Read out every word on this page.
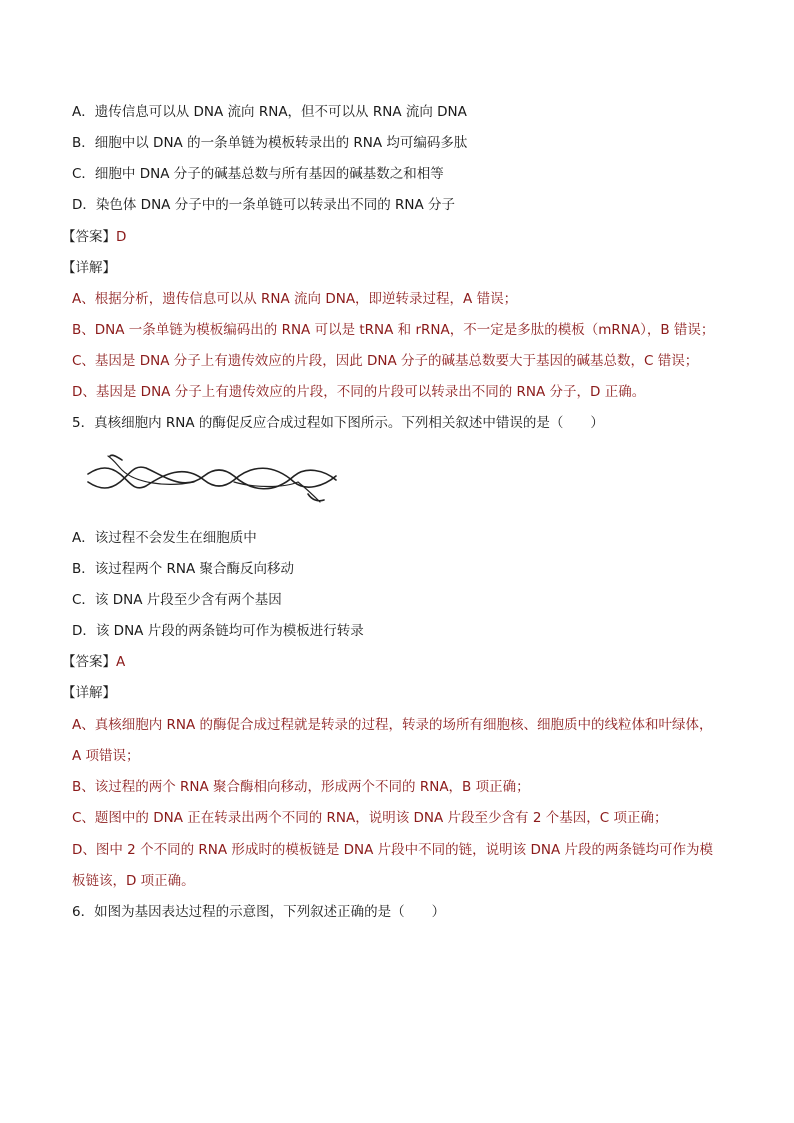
A．遗传信息可以从 DNA 流向 RNA，但不可以从 RNA 流向 DNA
B．细胞中以 DNA 的一条单链为模板转录出的 RNA 均可编码多肽
C．细胞中 DNA 分子的碱基总数与所有基因的碱基数之和相等
D．染色体 DNA 分子中的一条单链可以转录出不同的 RNA 分子
【答案】D
【详解】
A、根据分析，遗传信息可以从 RNA 流向 DNA，即逆转录过程，A 错误；
B、DNA 一条单链为模板编码出的 RNA 可以是 tRNA 和 rRNA，不一定是多肽的模板（mRNA），B 错误；
C、基因是 DNA 分子上有遗传效应的片段，因此 DNA 分子的碱基总数要大于基因的碱基总数，C 错误；
D、基因是 DNA 分子上有遗传效应的片段，不同的片段可以转录出不同的 RNA 分子，D 正确。
5．真核细胞内 RNA 的酶促反应合成过程如下图所示。下列相关叙述中错误的是（　　）
A．该过程不会发生在细胞质中
B．该过程两个 RNA 聚合酶反向移动
C．该 DNA 片段至少含有两个基因
D．该 DNA 片段的两条链均可作为模板进行转录
【答案】A
【详解】
A、真核细胞内 RNA 的酶促合成过程就是转录的过程，转录的场所有细胞核、细胞质中的线粒体和叶绿体，
A 项错误；
B、该过程的两个 RNA 聚合酶相向移动，形成两个不同的 RNA，B 项正确；
C、题图中的 DNA 正在转录出两个不同的 RNA，说明该 DNA 片段至少含有 2 个基因，C 项正确；
D、图中 2 个不同的 RNA 形成时的模板链是 DNA 片段中不同的链，说明该 DNA 片段的两条链均可作为模
板链该，D 项正确。
6．如图为基因表达过程的示意图，下列叙述正确的是（　　）
